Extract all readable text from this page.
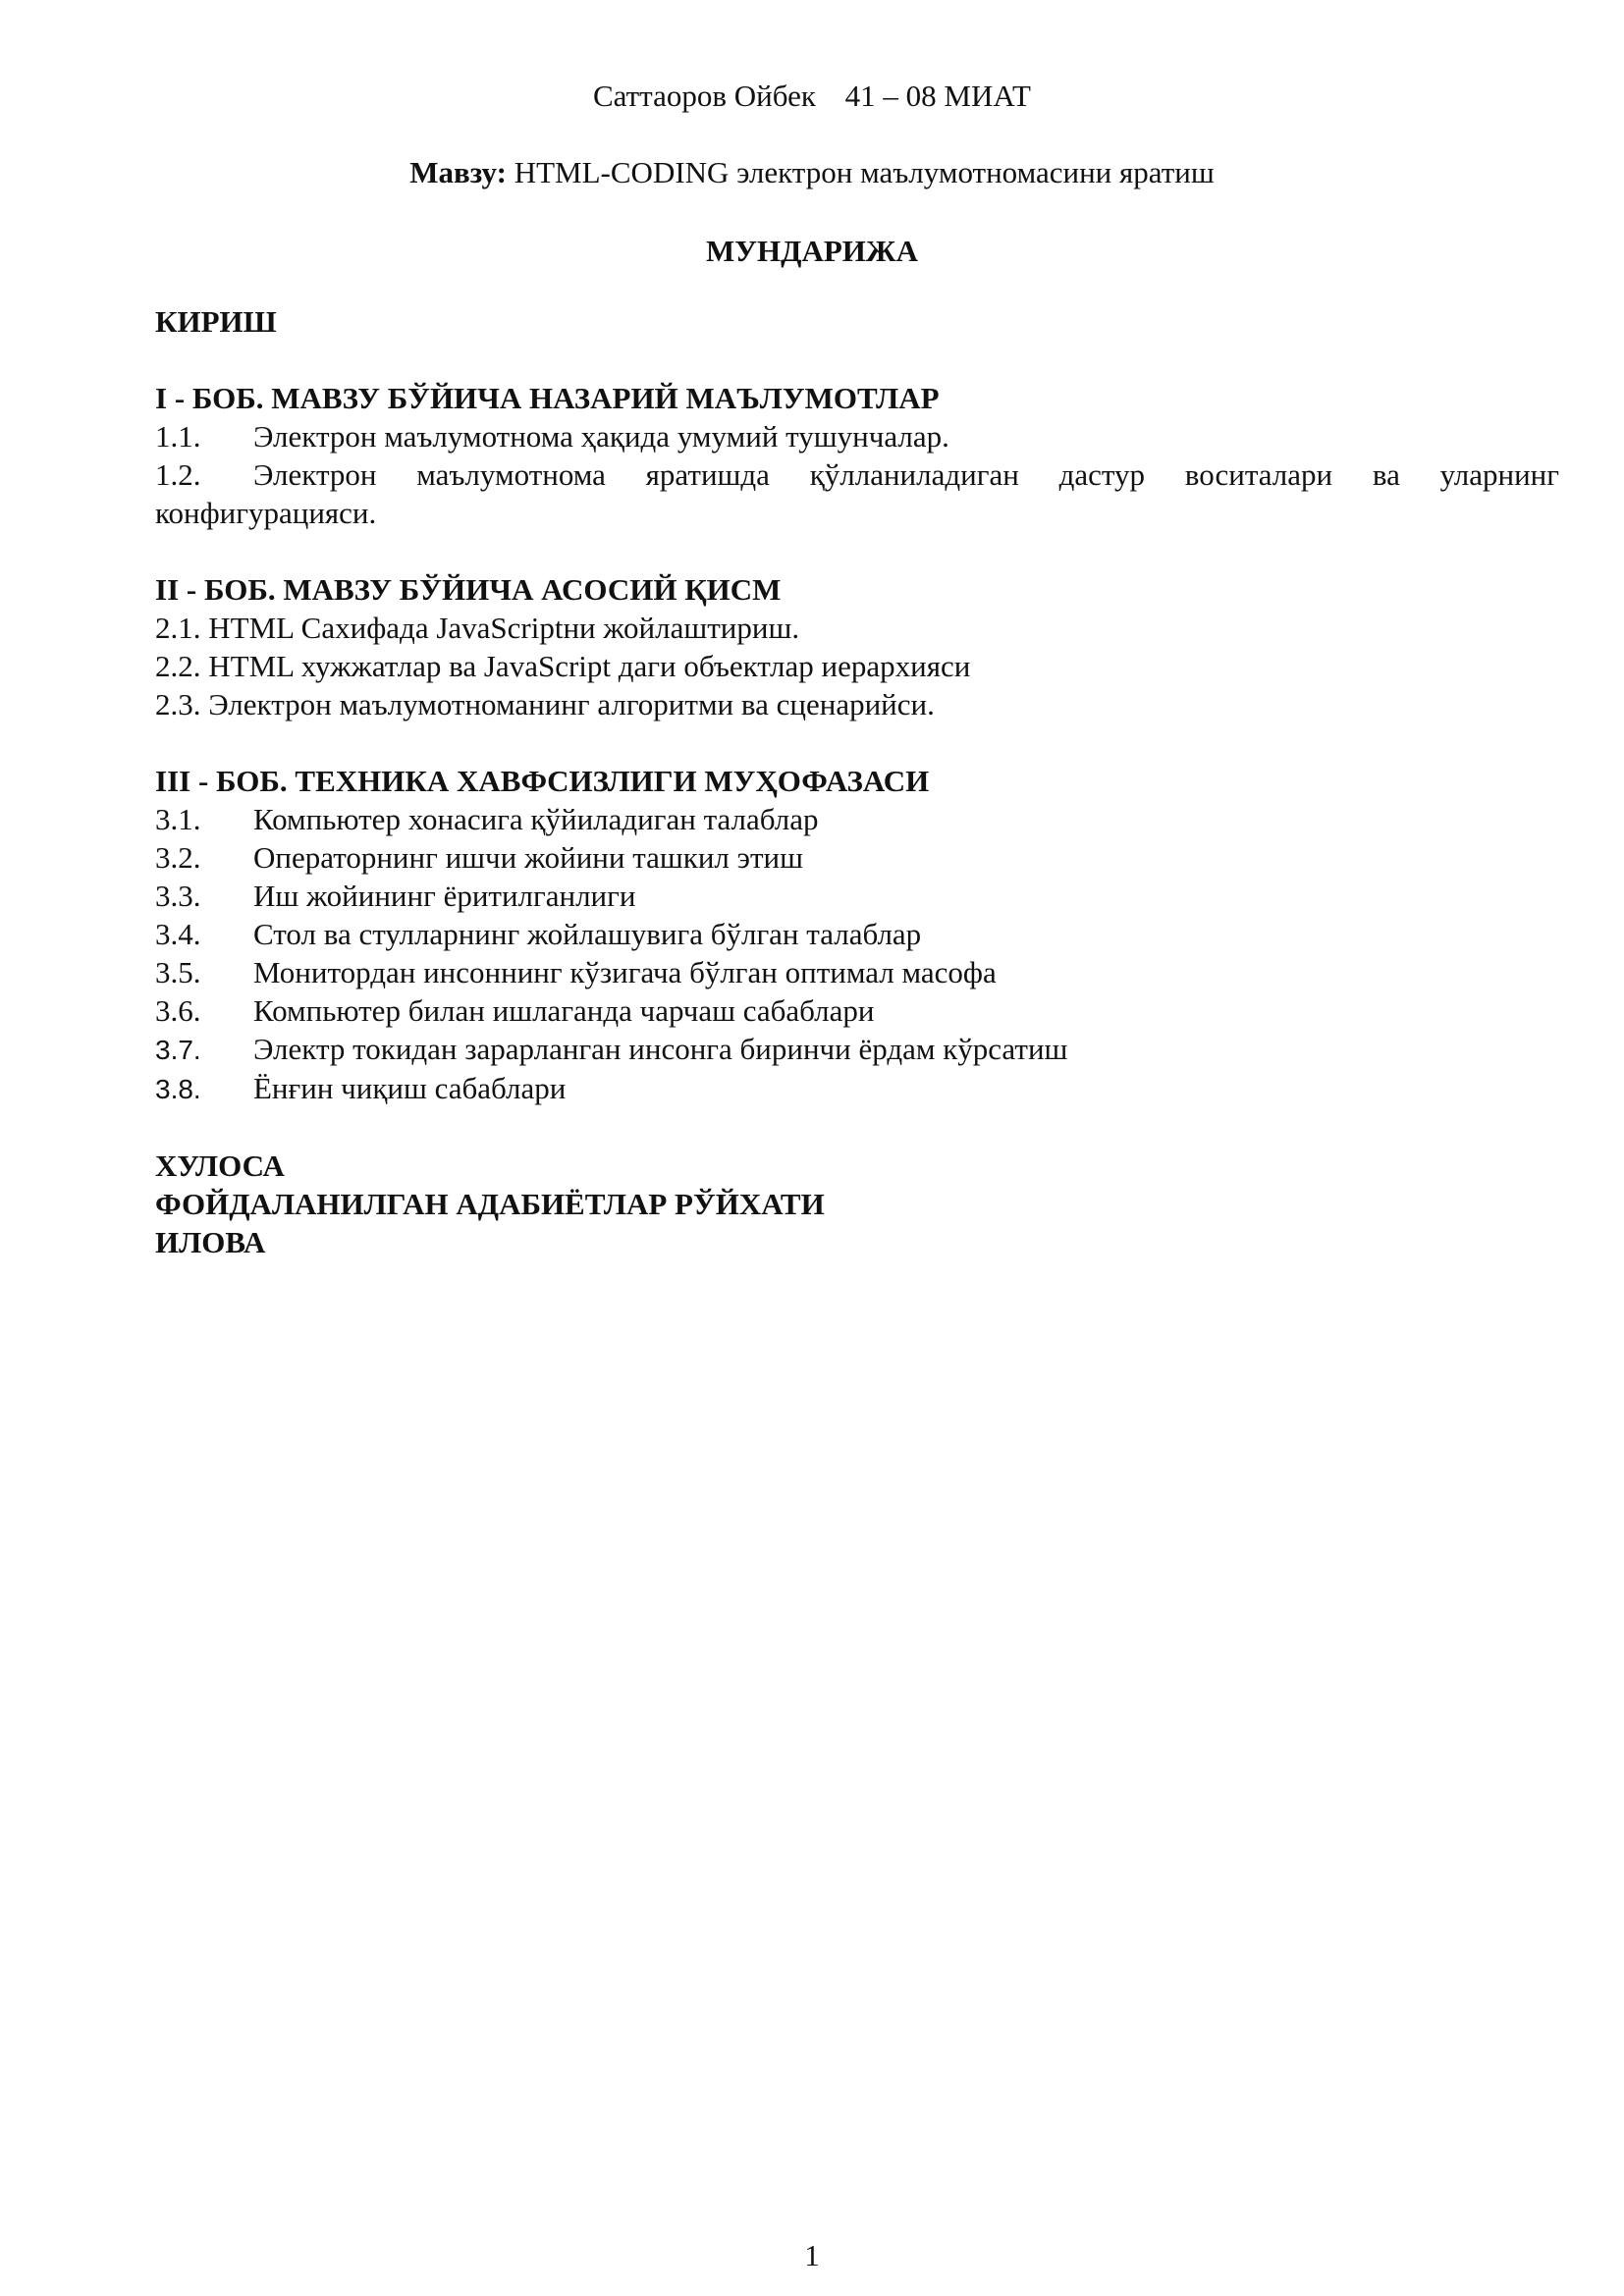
Саттаоров Ойбек 41 – 08 МИАТ
Мавзу: HTML-CODING электрон маълумотномасини яратиш
МУНДАРИЖА

КИРИШ

I - БОБ. МАВЗУ БЎЙИЧА НАЗАРИЙ МАЪЛУМОТЛАР

1.1.	Электрон маълумотнома ҳақида умумий тушунчалар.
1.2.	Электрон маълумотнома яратишда қўлланиладиган дастур воситалари ва уларнинг

конфигурацияси.

II - БОБ. МАВЗУ БЎЙИЧА АСОСИЙ ҚИСМ

2.1. HTML Сахифада JavaScriptни жойлаштириш.

2.2. HTML хужжатлар ва JavaScript даги объектлар иерархияси

2.3. Электрон маълумотноманинг алгоритми ва сценарийси.

III - БОБ. ТЕХНИКА ХАВФСИЗЛИГИ МУҲОФАЗАСИ

3.1.	Компьютер хонасига қўйиладиган талаблар
3.2.	Операторнинг ишчи жойини ташкил этиш
3.3.	Иш жойининг ёритилганлиги
3.4.	Стол ва стулларнинг жойлашувига бўлган талаблар
3.5.	Монитордан инсоннинг кўзигача бўлган оптимал масофа
3.6.	Компьютер билан ишлаганда чарчаш сабаблари
3.7.	Электр токидан зарарланган инсонга биринчи ёрдам кўрсатиш
3.8.	Ёнғин чиқиш сабаблари

ХУЛОСА

ФОЙДАЛАНИЛГАН АДАБИЁТЛАР РЎЙХАТИ

ИЛОВА

1
